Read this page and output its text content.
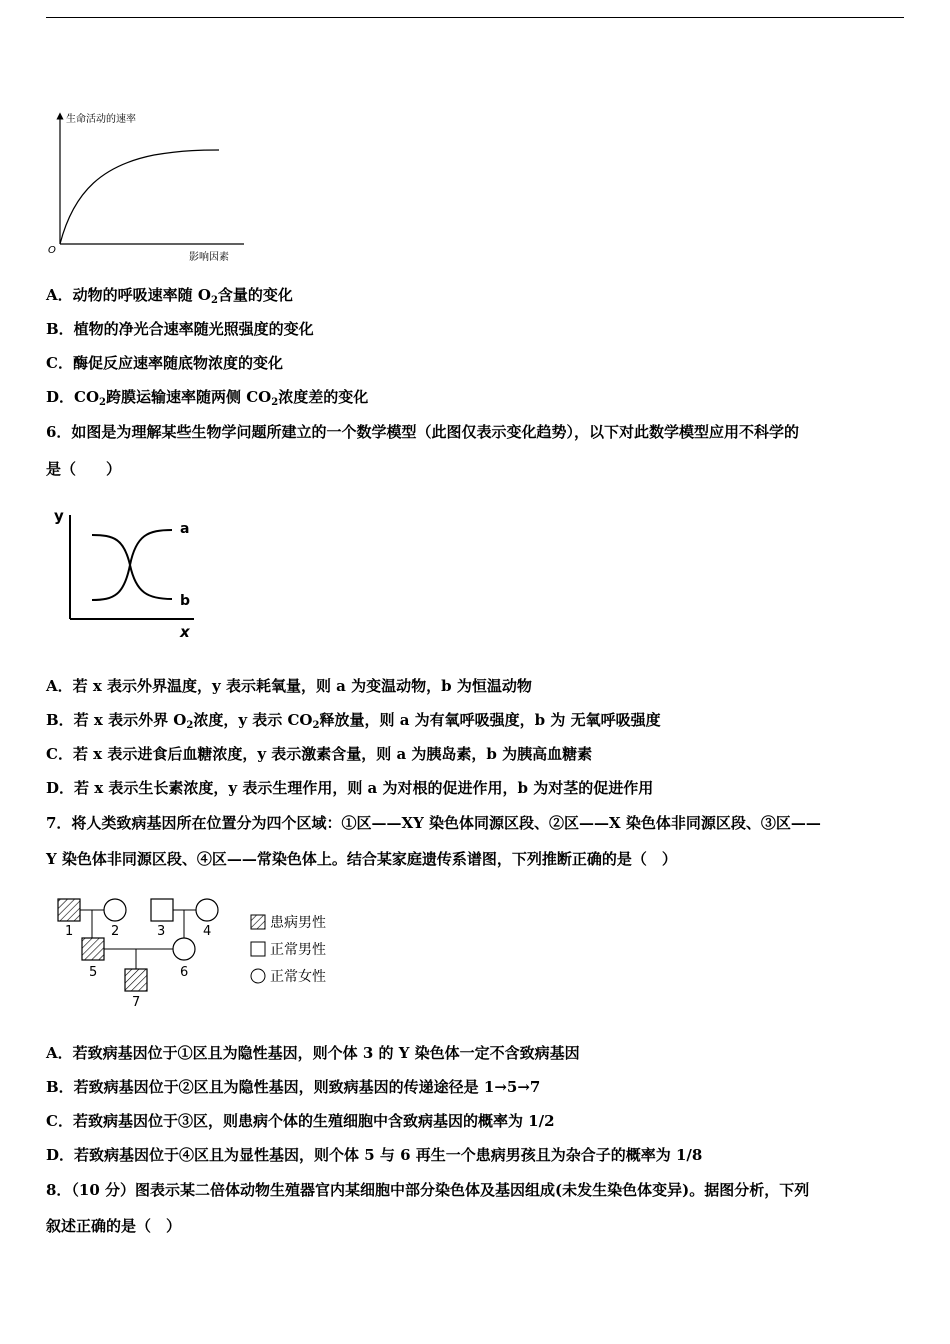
生命活动的速率
O
影响因素
A．动物的呼吸速率随 $O_2$含量的变化
B．植物的净光合速率随光照强度的变化
C．酶促反应速率随底物浓度的变化
D．$CO_2$跨膜运输速率随两侧 $CO_2$浓度差的变化
6．如图是为理解某些生物学问题所建立的一个数学模型（此图仅表示变化趋势），以下对此数学模型应用不科学的
是（　　）
y
x
a
b
A．若 x 表示外界温度，y 表示耗氧量，则 a 为变温动物，b 为恒温动物
B．若 x 表示外界 $O_2$浓度，y 表示 $CO_2$释放量，则 a 为有氧呼吸强度，b 为 无氧呼吸强度
C．若 x 表示进食后血糖浓度，y 表示激素含量，则 a 为胰岛素，b 为胰高血糖素
D．若 x 表示生长素浓度，y 表示生理作用，则 a 为对根的促进作用，b 为对茎的促进作用
7．将人类致病基因所在位置分为四个区域：①区——XY 染色体同源区段、②区——X 染色体非同源区段、③区——
Y 染色体非同源区段、④区——常染色体上。结合某家庭遗传系谱图，下列推断正确的是（　）
1	2	3	4
5	6
7
患病男性
正常男性
正常女性
A．若致病基因位于①区且为隐性基因，则个体 3 的 Y 染色体一定不含致病基因
B．若致病基因位于②区且为隐性基因，则致病基因的传递途径是 1→5→7
C．若致病基因位于③区，则患病个体的生殖细胞中含致病基因的概率为 1/2
D．若致病基因位于④区且为显性基因，则个体 5 与 6 再生一个患病男孩且为杂合子的概率为 1/8
8．（10 分）图表示某二倍体动物生殖器官内某细胞中部分染色体及基因组成(未发生染色体变异)。据图分析，下列
叙述正确的是（　）
